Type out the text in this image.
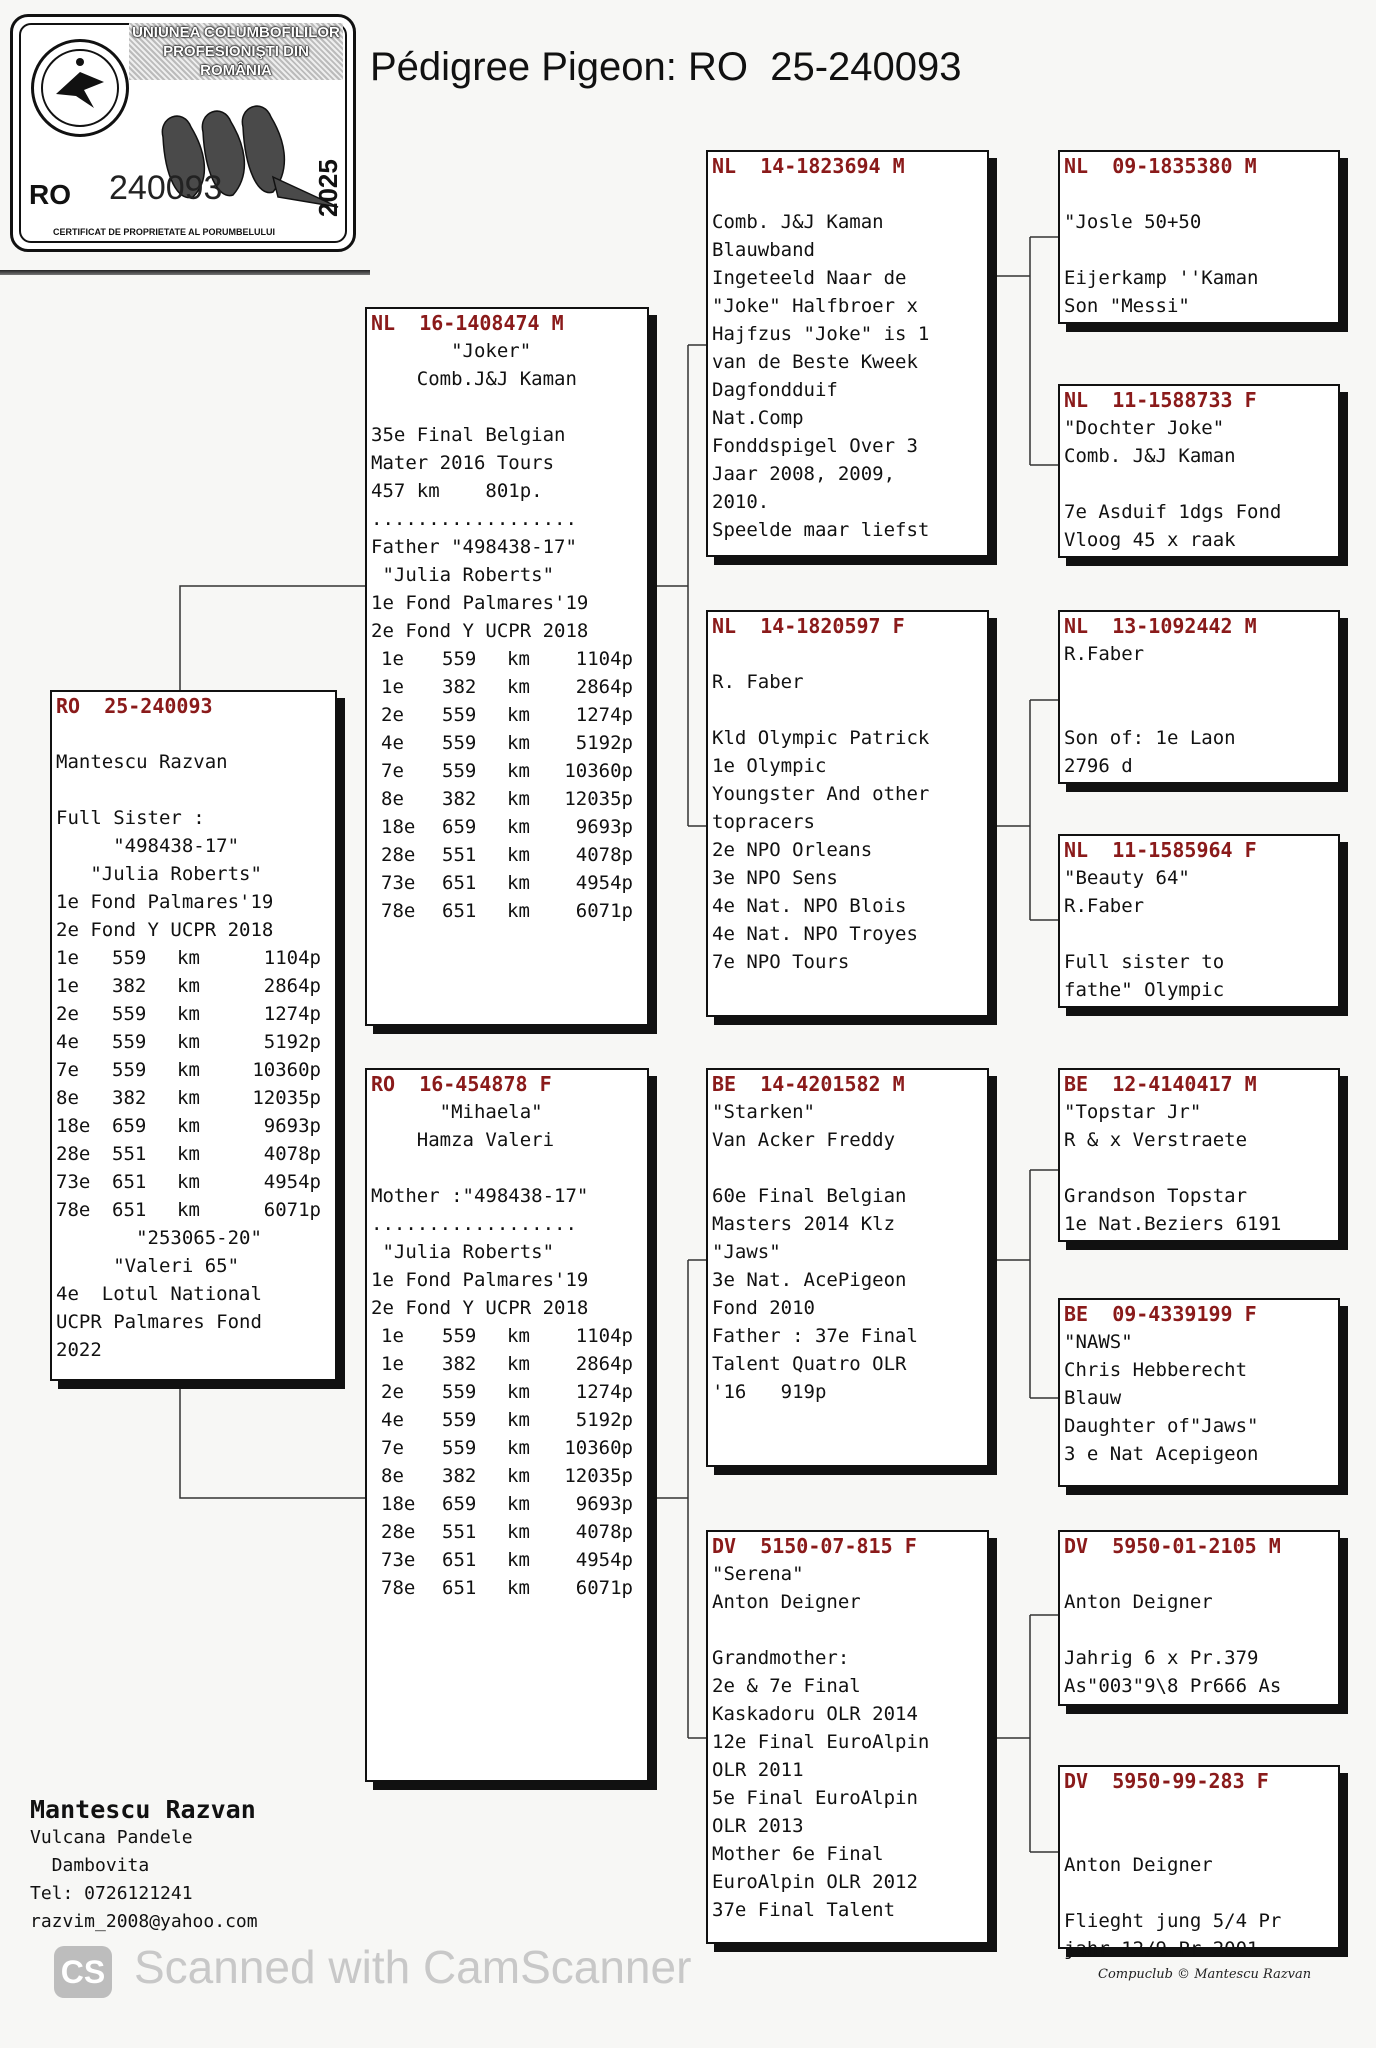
UNIUNEA COLUMBOFILILOR
PROFESIONIŞTI DIN ROMÂNIA
RO 240093	2025
CERTIFICAT DE PROPRIETATE AL PORUMBELULUI
Pédigree Pigeon: RO  25-240093
RO 25-240093
Mantescu Razvan
Full Sister :
"498438-17"
"Julia Roberts"
1e Fond Palmares'19
2e Fond Y UCPR 2018
"253065-20"
"Valeri 65"
4e  Lotul National
UCPR Palmares Fond
2022
1e 559 km	1104p
1e 382 km	2864p
2e 559 km	1274p
4e 559 km	5192p
7e 559 km	10360p
8e 382 km	12035p
18e 659 km	9693p
28e 551 km	4078p
73e 651 km	4954p
78e 651 km	6071p
NL 16-1408474 M
"Joker"
Comb.J&J Kaman
35e Final Belgian
Mater 2016 Tours
457 km    801p.
..................
Father "498438-17"
"Julia Roberts"
1e Fond Palmares'19
2e Fond Y UCPR 2018
1e 559 km 1104p
1e 382 km 2864p
2e 559 km 1274p
4e 559 km 5192p
7e 559 km 10360p
8e 382 km 12035p
18e 659 km 9693p
28e 551 km 4078p
73e 651 km 4954p
78e 651 km 6071p
RO 16-454878 F
"Mihaela"
Hamza Valeri
Mother :"498438-17"
..................
"Julia Roberts"
1e Fond Palmares'19
2e Fond Y UCPR 2018
1e 559 km 1104p
1e 382 km 2864p
2e 559 km 1274p
4e 559 km 5192p
7e 559 km 10360p
8e 382 km 12035p
18e 659 km 9693p
28e 551 km 4078p
73e 651 km 4954p
78e 651 km 6071p
NL 14-1823694 M
Comb. J&J Kaman
Blauwband
Ingeteeld Naar de
"Joke" Halfbroer x
Hajfzus "Joke" is 1
van de Beste Kweek
Dagfondduif
Nat.Comp
Fonddspigel Over 3
Jaar 2008, 2009,
2010.
Speelde maar liefst
NL 14-1820597 F
R. Faber
Kld Olympic Patrick
1e Olympic
Youngster And other
topracers
2e NPO Orleans
3e NPO Sens
4e Nat. NPO Blois
4e Nat. NPO Troyes
7e NPO Tours
BE 14-4201582 M
"Starken"
Van Acker Freddy
60e Final Belgian
Masters 2014 Klz
"Jaws"
3e Nat. AcePigeon
Fond 2010
Father : 37e Final
Talent Quatro OLR
'16   919p
DV 5150-07-815 F
"Serena"
Anton Deigner
Grandmother:
2e & 7e Final
Kaskadoru OLR 2014
12e Final EuroAlpin
OLR 2011
5e Final EuroAlpin
OLR 2013
Mother 6e Final
EuroAlpin OLR 2012
37e Final Talent
NL 09-1835380 M
"Josle 50+50
Eijerkamp ''Kaman
Son "Messi"
NL 11-1588733 F
"Dochter Joke"
Comb. J&J Kaman
7e Asduif 1dgs Fond
Vloog 45 x raak
NL 13-1092442 M
R.Faber
Son of: 1e Laon
2796 d
NL 11-1585964 F
"Beauty 64"
R.Faber
Full sister to
fathe" Olympic
BE 12-4140417 M
"Topstar Jr"
R & x Verstraete
Grandson Topstar
1e Nat.Beziers 6191
BE 09-4339199 F
"NAWS"
Chris Hebberecht
Blauw
Daughter of"Jaws"
3 e Nat Acepigeon
DV 5950-01-2105 M
Anton Deigner
Jahrig 6 x Pr.379
As"003"9\8 Pr666 As
DV 5950-99-283 F
Anton Deigner
Flieght jung 5/4 Pr
jahr 12/9 Pr 2001
Mantescu Razvan
Vulcana Pandele
Dambovita
Tel: 0726121241
razvim_2008@yahoo.com
CS Scanned with CamScanner	Compuclub © Mantescu Razvan
